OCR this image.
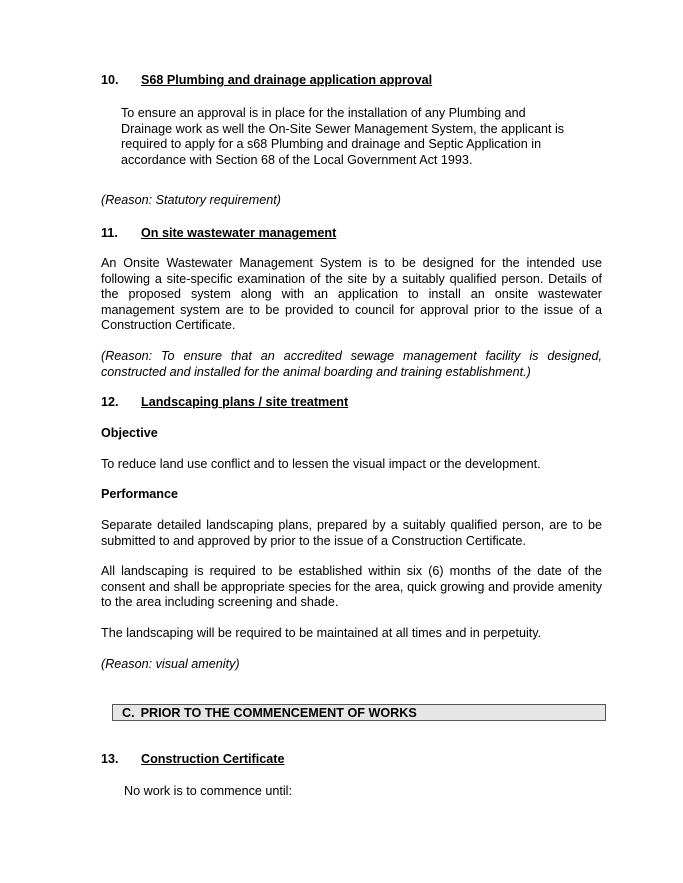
10. S68 Plumbing and drainage application approval
To ensure an approval is in place for the installation of any Plumbing and Drainage work as well the On-Site Sewer Management System, the applicant is required to apply for a s68 Plumbing and drainage and Septic Application in accordance with Section 68 of the Local Government Act 1993.
(Reason: Statutory requirement)
11. On site wastewater management
An Onsite Wastewater Management System is to be designed for the intended use following a site-specific examination of the site by a suitably qualified person. Details of the proposed system along with an application to install an onsite wastewater management system are to be provided to council for approval prior to the issue of a Construction Certificate.
(Reason: To ensure that an accredited sewage management facility is designed, constructed and installed for the animal boarding and training establishment.)
12. Landscaping plans / site treatment
Objective
To reduce land use conflict and to lessen the visual impact or the development.
Performance
Separate detailed landscaping plans, prepared by a suitably qualified person, are to be submitted to and approved by prior to the issue of a Construction Certificate.
All landscaping is required to be established within six (6) months of the date of the consent and shall be appropriate species for the area, quick growing and provide amenity to the area including screening and shade.
The landscaping will be required to be maintained at all times and in perpetuity.
(Reason: visual amenity)
C. PRIOR TO THE COMMENCEMENT OF WORKS
13. Construction Certificate
No work is to commence until:
